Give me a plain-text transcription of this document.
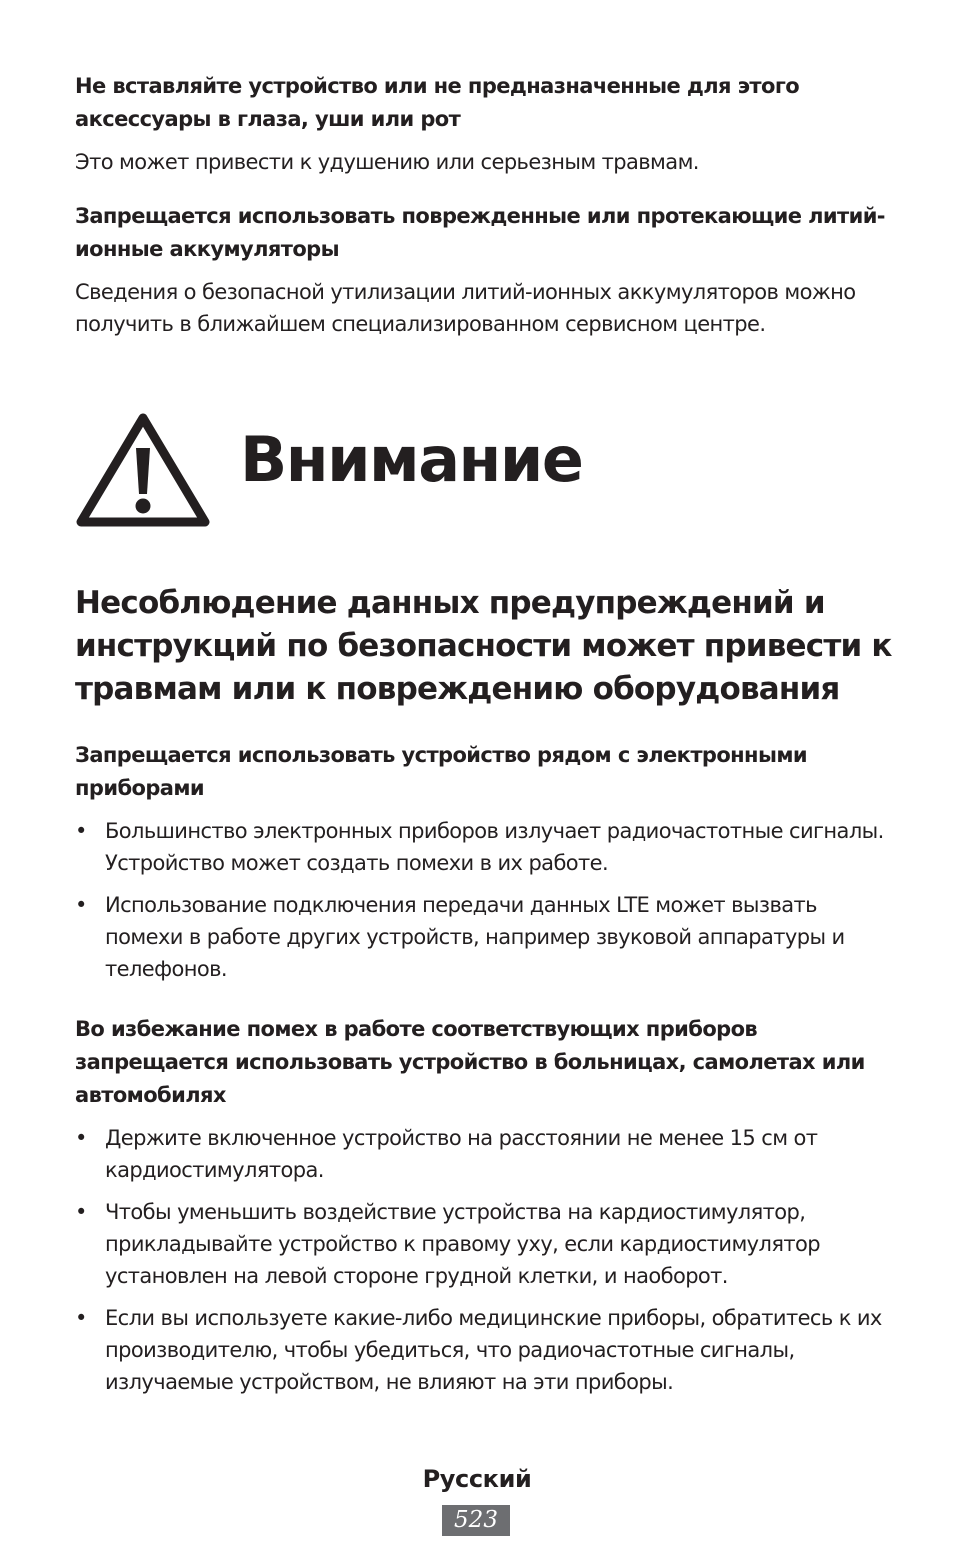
Не вставляйте устройство или не предназначенные для этого аксессуары в глаза, уши или рот

Это может привести к удушению или серьезным травмам.

Запрещается использовать поврежденные или протекающие литий-ионные аккумуляторы

Сведения о безопасной утилизации литий-ионных аккумуляторов можно получить в ближайшем специализированном сервисном центре.

Внимание
Несоблюдение данных предупреждений и инструкций по безопасности может привести к травмам или к повреждению оборудования
Запрещается использовать устройство рядом с электронными приборами
• Большинство электронных приборов излучает радиочастотные сигналы. Устройство может создать помехи в их работе.
• Использование подключения передачи данных LTE может вызвать помехи в работе других устройств, например звуковой аппаратуры и телефонов.
Во избежание помех в работе соответствующих приборов запрещается использовать устройство в больницах, самолетах или автомобилях
• Держите включенное устройство на расстоянии не менее 15 см от кардиостимулятора.
• Чтобы уменьшить воздействие устройства на кардиостимулятор, прикладывайте устройство к правому уху, если кардиостимулятор установлен на левой стороне грудной клетки, и наоборот.
• Если вы используете какие-либо медицинские приборы, обратитесь к их производителю, чтобы убедиться, что радиочастотные сигналы, излучаемые устройством, не влияют на эти приборы.
Русский
523
